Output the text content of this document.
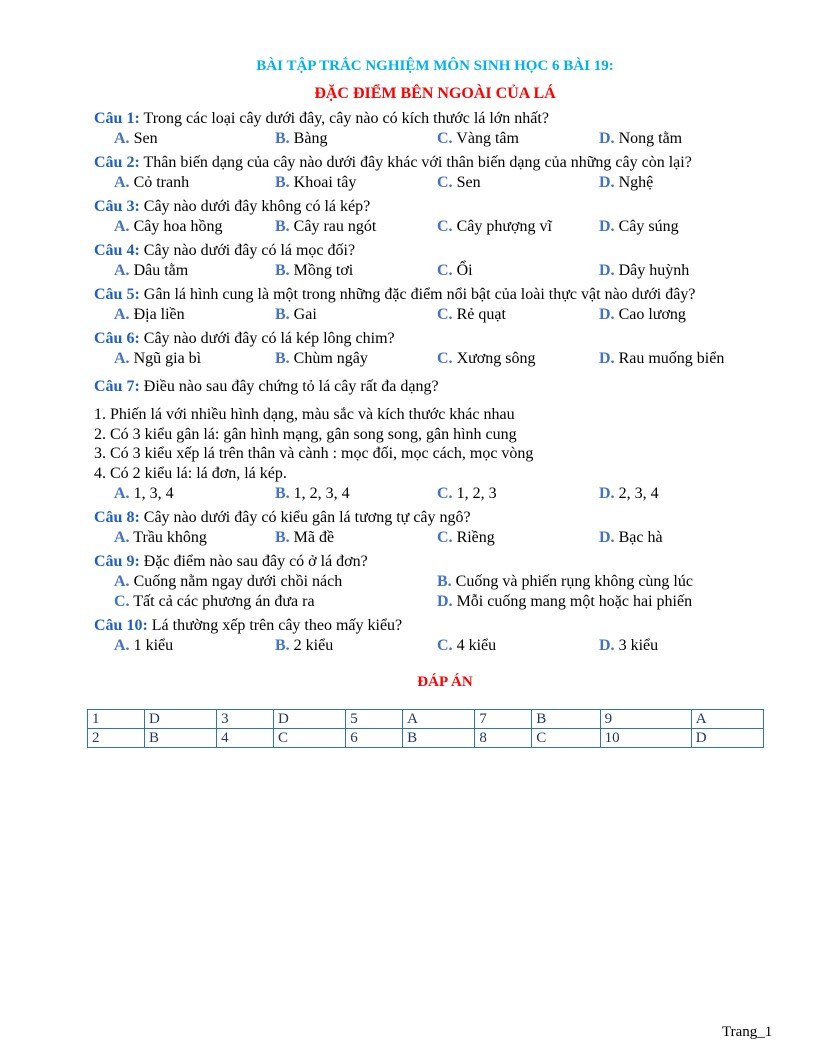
BÀI TẬP TRẮC NGHIỆM MÔN SINH HỌC 6 BÀI 19:
ĐẶC ĐIỂM BÊN NGOÀI CỦA LÁ
Câu 1: Trong các loại cây dưới đây, cây nào có kích thước lá lớn nhất?
A. Sen	B. Bàng	C. Vàng tâm	D. Nong tằm
Câu 2: Thân biến dạng của cây nào dưới đây khác với thân biến dạng của những cây còn lại?
A. Cỏ tranh	B. Khoai tây	C. Sen	D. Nghệ
Câu 3: Cây nào dưới đây không có lá kép?
A. Cây hoa hồng	B. Cây rau ngót	C. Cây phượng vĩ	D. Cây súng
Câu 4: Cây nào dưới đây có lá mọc đối?
A. Dâu tằm	B. Mồng tơi	C. Ổi	D. Dây huỳnh
Câu 5: Gân lá hình cung là một trong những đặc điểm nổi bật của loài thực vật nào dưới đây?
A. Địa liền	B. Gai	C. Rẻ quạt	D. Cao lương
Câu 6: Cây nào dưới đây có lá kép lông chim?
A. Ngũ gia bì	B. Chùm ngây	C. Xương sông	D. Rau muống biển
Câu 7: Điều nào sau đây chứng tỏ lá cây rất đa dạng?
1. Phiến lá với nhiều hình dạng, màu sắc và kích thước khác nhau
2. Có 3 kiểu gân lá: gân hình mạng, gân song song, gân hình cung
3. Có 3 kiểu xếp lá trên thân và cành : mọc đối, mọc cách, mọc vòng
4. Có 2 kiểu lá: lá đơn, lá kép.
A. 1, 3, 4	B. 1, 2, 3, 4	C. 1, 2, 3	D. 2, 3, 4
Câu 8: Cây nào dưới đây có kiểu gân lá tương tự cây ngô?
A. Trầu không	B. Mã đề	C. Riềng	D. Bạc hà
Câu 9: Đặc điểm nào sau đây có ở lá đơn?
A. Cuống nằm ngay dưới chồi nách	B. Cuống và phiến rụng không cùng lúc
C. Tất cả các phương án đưa ra	D. Mỗi cuống mang một hoặc hai phiến
Câu 10: Lá thường xếp trên cây theo mấy kiểu?
A. 1 kiểu	B. 2 kiểu	C. 4 kiểu	D. 3 kiểu
ĐÁP ÁN
1	D	3	D	5	A	7	B	9	A
2	B	4	C	6	B	8	C	10	D
Trang_1
